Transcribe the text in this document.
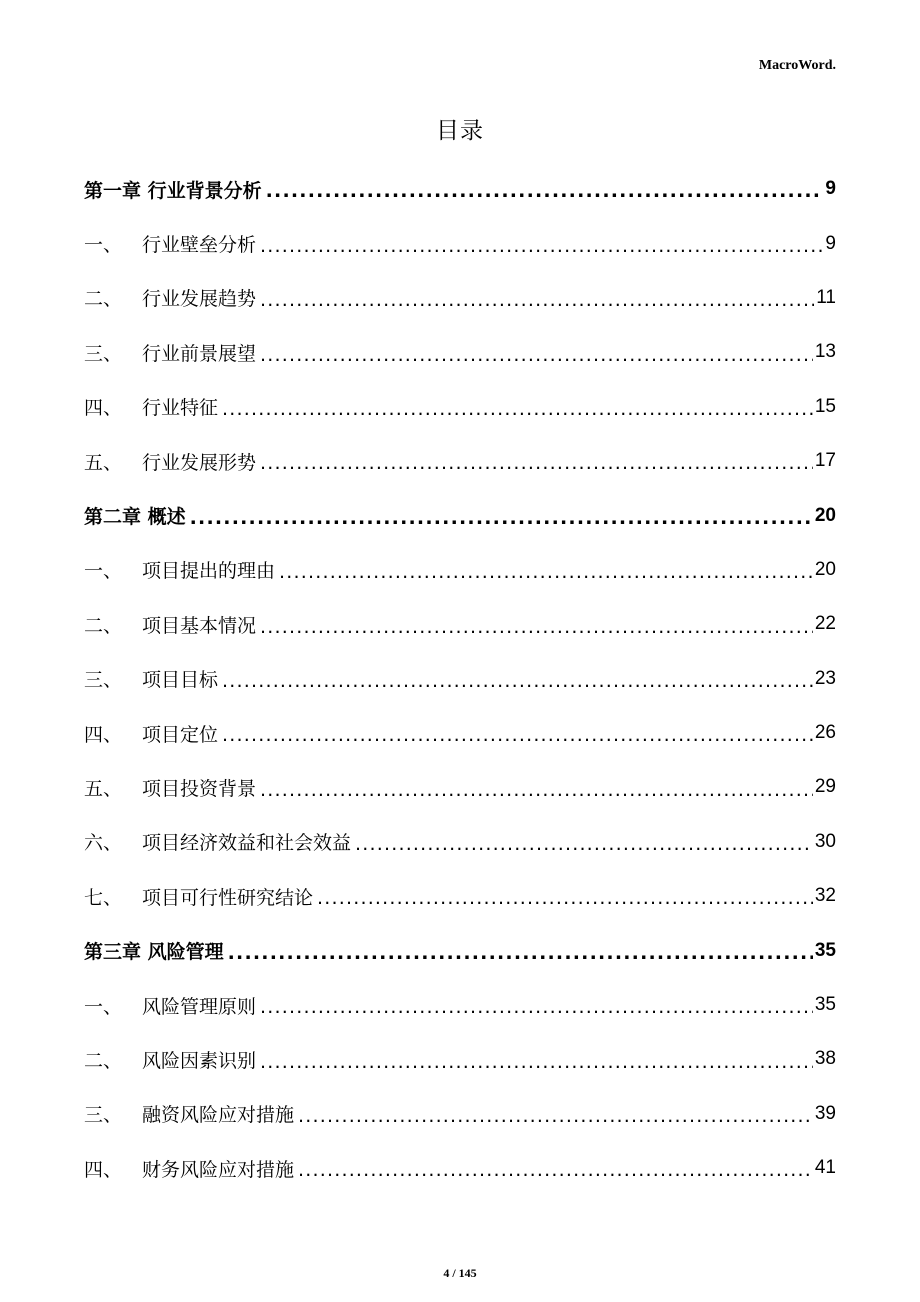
MacroWord.
目录
第一章 行业背景分析 .....	9
一、	行业壁垒分析 .....	9
二、	行业发展趋势 .....	11
三、	行业前景展望 .....	13
四、	行业特征 .....	15
五、	行业发展形势 .....	17
第二章 概述 .....	20
一、	项目提出的理由 .....	20
二、	项目基本情况 .....	22
三、	项目目标 .....	23
四、	项目定位 .....	26
五、	项目投资背景 .....	29
六、	项目经济效益和社会效益 .....	30
七、	项目可行性研究结论 .....	32
第三章 风险管理 .....	35
一、	风险管理原则 .....	35
二、	风险因素识别 .....	38
三、	融资风险应对措施 .....	39
四、	财务风险应对措施 .....	41
4 / 145
